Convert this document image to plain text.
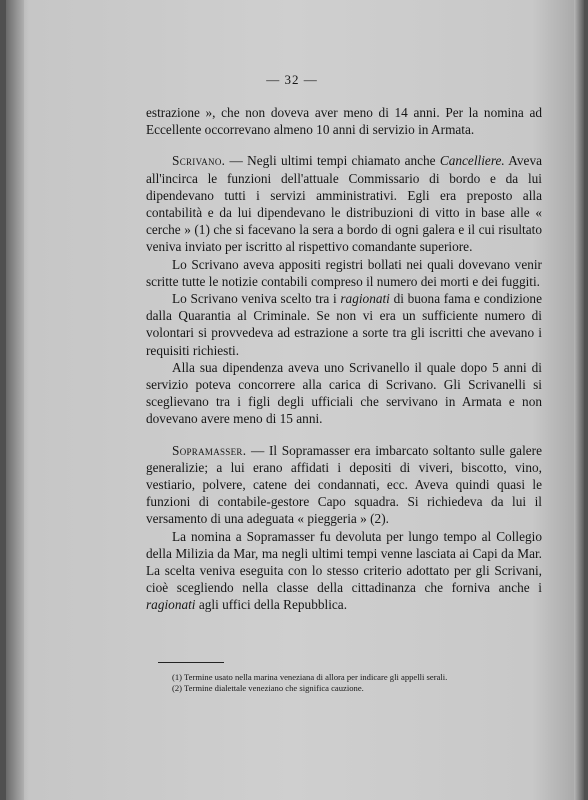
— 32 —

estrazione », che non doveva aver meno di 14 anni. Per la nomina ad Eccellente occorrevano almeno 10 anni di servizio in Armata.

Scrivano. — Negli ultimi tempi chiamato anche Cancelliere. Aveva all'incirca le funzioni dell'attuale Commissario di bordo e da lui dipendevano tutti i servizi amministrativi. Egli era preposto alla contabilità e da lui dipendevano le distribuzioni di vitto in base alle « cerche » (1) che si facevano la sera a bordo di ogni galera e il cui risultato veniva inviato per iscritto al rispettivo comandante superiore.

Lo Scrivano aveva appositi registri bollati nei quali dovevano venir scritte tutte le notizie contabili compreso il numero dei morti e dei fuggiti.

Lo Scrivano veniva scelto tra i ragionati di buona fama e condizione dalla Quarantia al Criminale. Se non vi era un sufficiente numero di volontari si provvedeva ad estrazione a sorte tra gli iscritti che avevano i requisiti richiesti.

Alla sua dipendenza aveva uno Scrivanello il quale dopo 5 anni di servizio poteva concorrere alla carica di Scrivano. Gli Scrivanelli si sceglievano tra i figli degli ufficiali che servivano in Armata e non dovevano avere meno di 15 anni.

Sopramasser. — Il Sopramasser era imbarcato soltanto sulle galere generalizie; a lui erano affidati i depositi di viveri, biscotto, vino, vestiario, polvere, catene dei condannati, ecc. Aveva quindi quasi le funzioni di contabile-gestore Capo squadra. Si richiedeva da lui il versamento di una adeguata « pieggeria » (2).

La nomina a Sopramasser fu devoluta per lungo tempo al Collegio della Milizia da Mar, ma negli ultimi tempi venne lasciata ai Capi da Mar. La scelta veniva eseguita con lo stesso criterio adottato per gli Scrivani, cioè scegliendo nella classe della cittadinanza che forniva anche i ragionati agli uffici della Repubblica.

(1) Termine usato nella marina veneziana di allora per indicare gli appelli serali.

(2) Termine dialettale veneziano che significa cauzione.
